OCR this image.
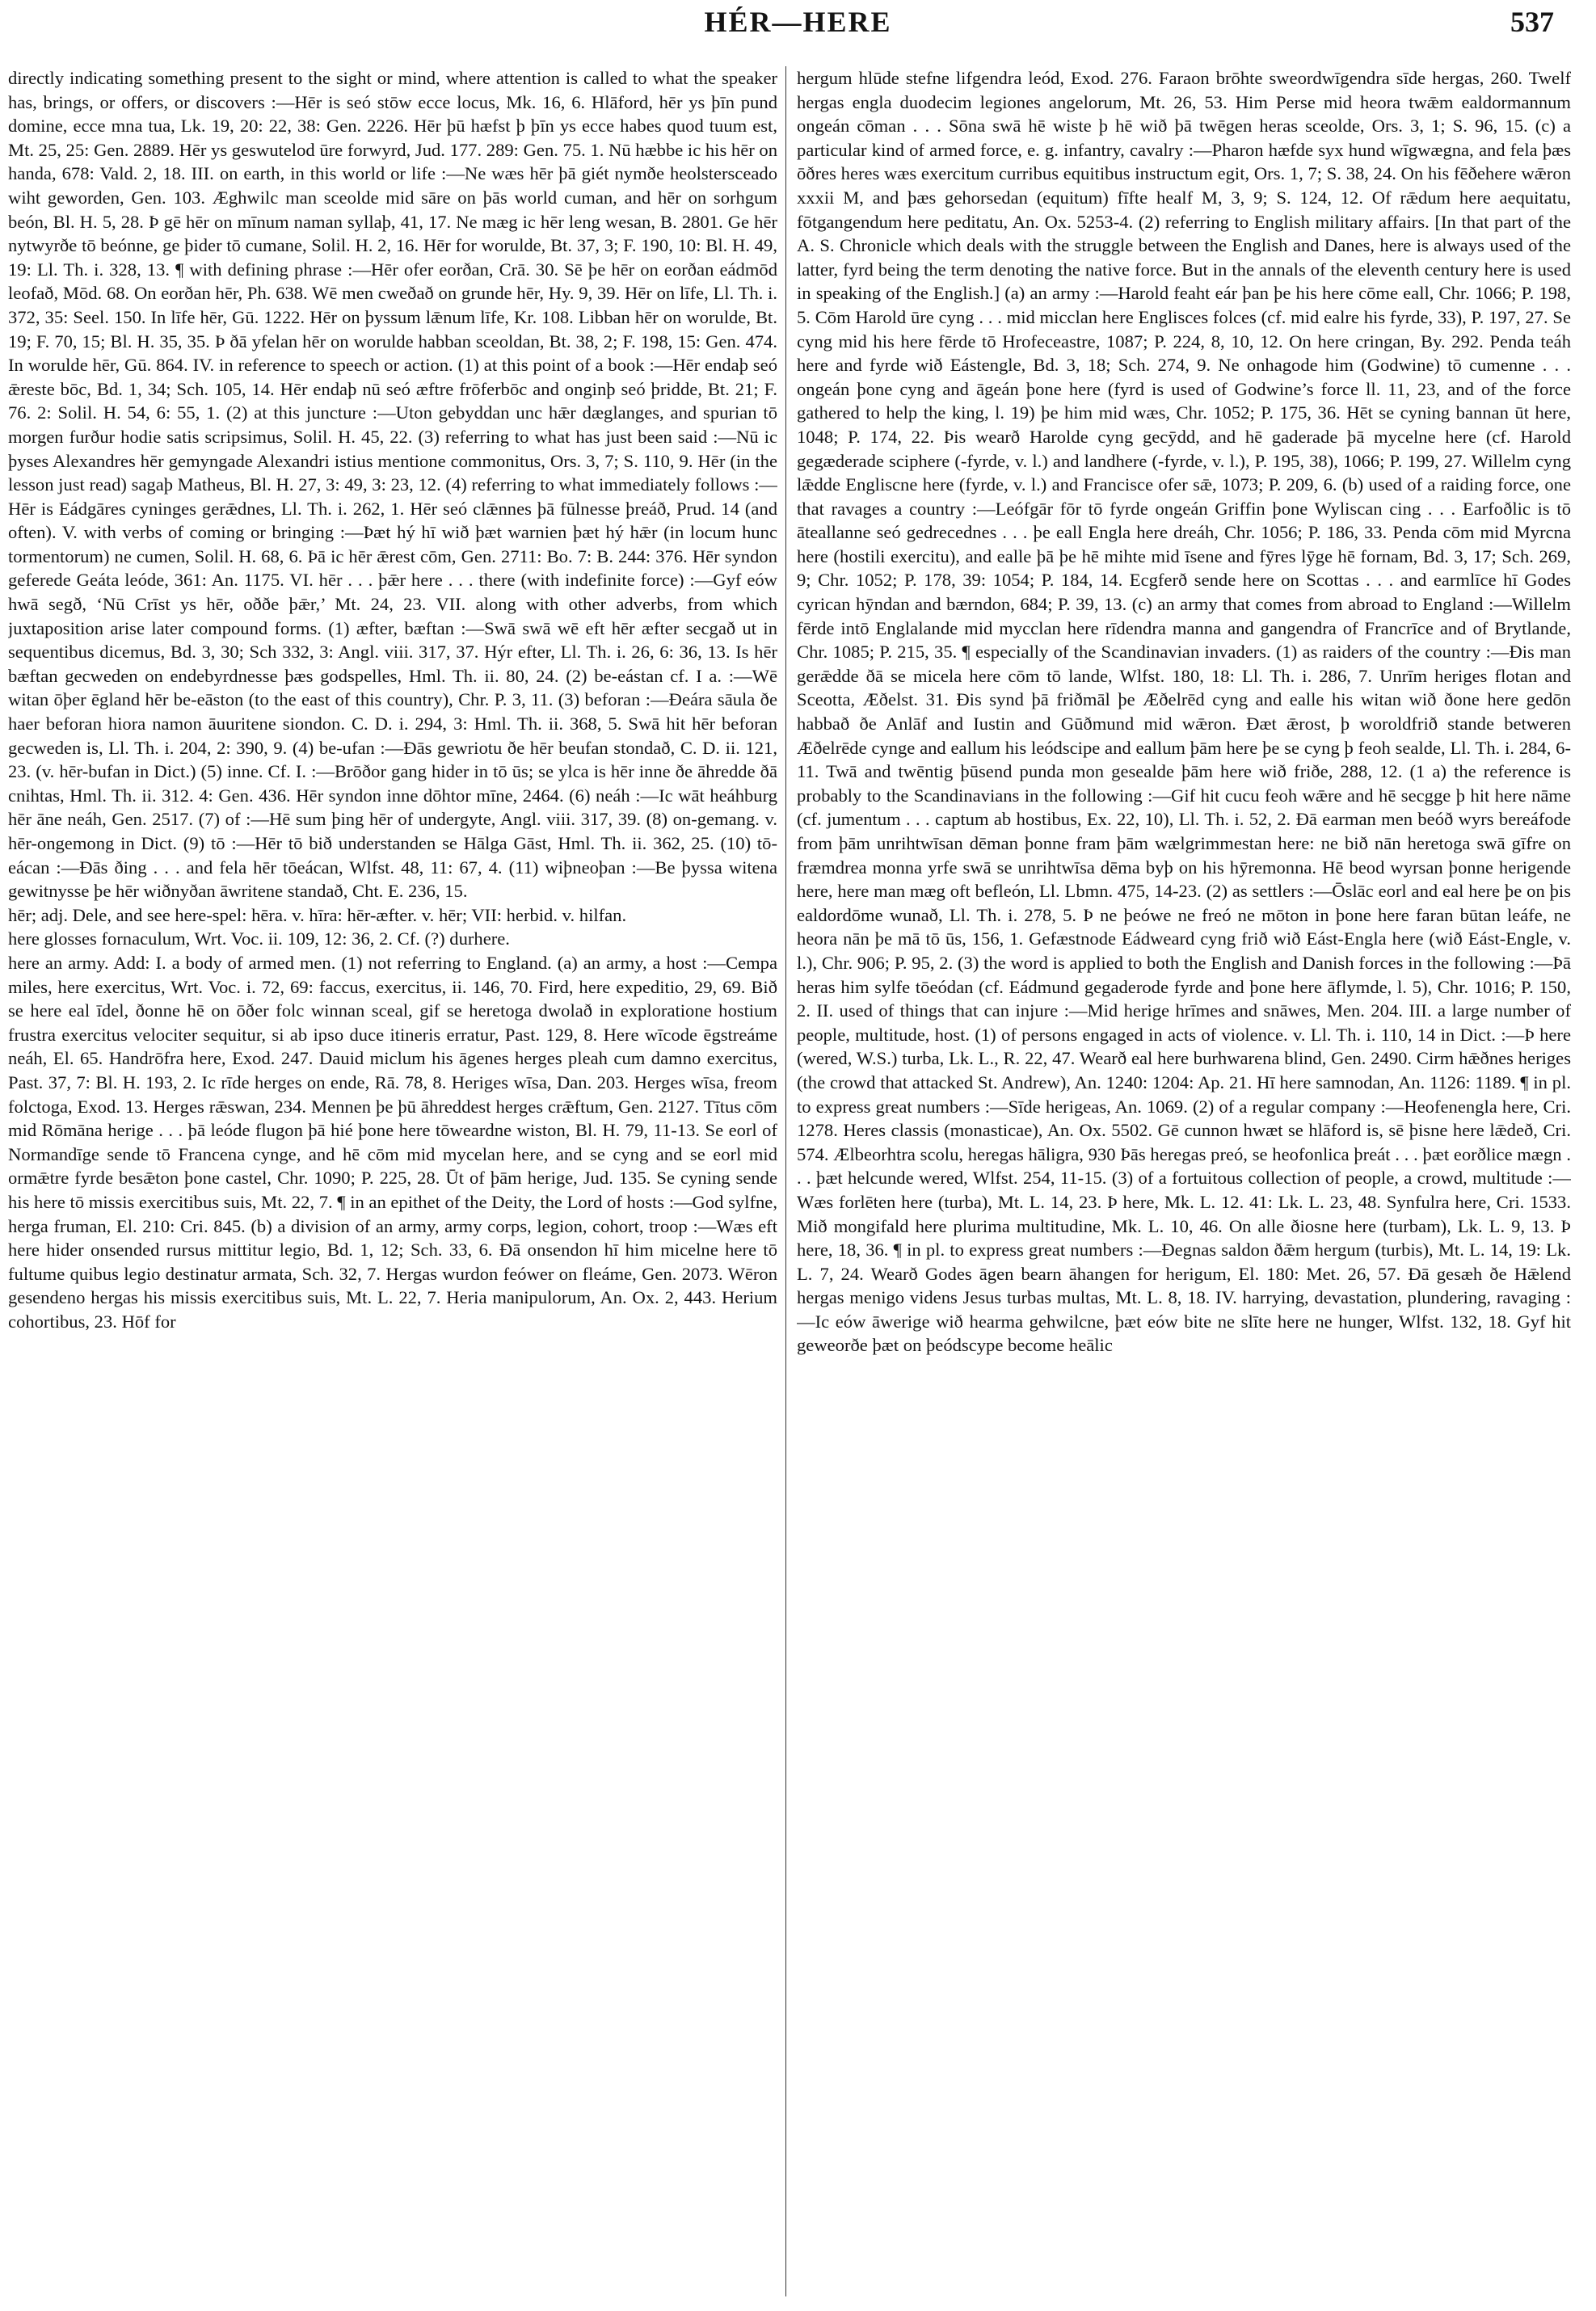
HÉR—HERE	537

directly indicating something present to the sight or mind, where attention is called to what the speaker has, brings, or offers, or discovers :—Hēr is seó stōw ecce locus, Mk. 16, 6. Hlāford, hēr ys þīn pund domine, ecce mna tua, Lk. 19, 20: 22, 38: Gen. 2226. Hēr þū hæfst þ þīn ys ecce habes quod tuum est, Mt. 25, 25: Gen. 2889. Hēr ys geswutelod ūre forwyrd, Jud. 177. 289: Gen. 75. 1. Nū hæbbe ic his hēr on handa, 678: Vald. 2, 18. III. on earth, in this world or life :—Ne wæs hēr þā giét nymðe heolstersceado wiht geworden, Gen. 103. Æghwilc man sceolde mid sāre on þās world cuman, and hēr on sorhgum beón, Bl. H. 5, 28. Þ gē hēr on mīnum naman syllaþ, 41, 17. Ne mæg ic hēr leng wesan, B. 2801. Ge hēr nytwyrðe tō beónne, ge þider tō cumane, Solil. H. 2, 16. Hēr for worulde, Bt. 37, 3; F. 190, 10: Bl. H. 49, 19: Ll. Th. i. 328, 13. ¶ with defining phrase :—Hēr ofer eorðan, Crā. 30. Sē þe hēr on eorðan eádmōd leofað, Mōd. 68. On eorðan hēr, Ph. 638. Wē men cweðað on grunde hēr, Hy. 9, 39. Hēr on līfe, Ll. Th. i. 372, 35: Seel. 150. In līfe hēr, Gū. 1222. Hēr on þyssum lǣnum līfe, Kr. 108. Libban hēr on worulde, Bt. 19; F. 70, 15; Bl. H. 35, 35. Þ ðā yfelan hēr on worulde habban sceoldan, Bt. 38, 2; F. 198, 15: Gen. 474. In worulde hēr, Gū. 864. IV. in reference to speech or action. (1) at this point of a book :—Hēr endaþ seó ǣreste bōc, Bd. 1, 34; Sch. 105, 14. Hēr endaþ nū seó æftre frōferbōc and onginþ seó þridde, Bt. 21; F. 76. 2: Solil. H. 54, 6: 55, 1. (2) at this juncture :—Uton gebyddan unc hǣr dæglanges, and spurian tō morgen furður hodie satis scripsimus, Solil. H. 45, 22. (3) referring to what has just been said :—Nū ic þyses Alexandres hēr gemyngade Alexandri istius mentione commonitus, Ors. 3, 7; S. 110, 9. Hēr (in the lesson just read) sagaþ Matheus, Bl. H. 27, 3: 49, 3: 23, 12. (4) referring to what immediately follows :—Hēr is Eádgāres cyninges gerǣdnes, Ll. Th. i. 262, 1. Hēr seó clǣnnes þā fūlnesse þreáð, Prud. 14 (and often). V. with verbs of coming or bringing :—Þæt hý hī wið þæt warnien þæt hý hǣr (in locum hunc tormentorum) ne cumen, Solil. H. 68, 6. Þā ic hēr ǣrest cōm, Gen. 2711: Bo. 7: B. 244: 376. Hēr syndon geferede Geáta leóde, 361: An. 1175. VI. hēr . . . þǣr here . . . there (with indefinite force) :—Gyf eów hwā segð, ‘Nū Crīst ys hēr, oððe þǣr,’ Mt. 24, 23. VII. along with other adverbs, from which juxtaposition arise later compound forms. (1) æfter, bæftan :—Swā swā wē eft hēr æfter secgað ut in sequentibus dicemus, Bd. 3, 30; Sch 332, 3: Angl. viii. 317, 37. Hýr efter, Ll. Th. i. 26, 6: 36, 13. Is hēr bæftan gecweden on endebyrdnesse þæs godspelles, Hml. Th. ii. 80, 24. (2) be-eástan cf. I a. :—Wē witan ōþer ēgland hēr be-eāston (to the east of this country), Chr. P. 3, 11. (3) beforan :—Ðeára sāula ðe haer beforan hiora namon āuuritene siondon. C. D. i. 294, 3: Hml. Th. ii. 368, 5. Swā hit hēr beforan gecweden is, Ll. Th. i. 204, 2: 390, 9. (4) be-ufan :—Ðās gewriotu ðe hēr beufan stondað, C. D. ii. 121, 23. (v. hēr-bufan in Dict.) (5) inne. Cf. I. :—Brōðor gang hider in tō ūs; se ylca is hēr inne ðe āhredde ðā cnihtas, Hml. Th. ii. 312. 4: Gen. 436. Hēr syndon inne dōhtor mīne, 2464. (6) neáh :—Ic wāt heáhburg hēr āne neáh, Gen. 2517. (7) of :—Hē sum þing hēr of undergyte, Angl. viii. 317, 39. (8) on-gemang. v. hēr-ongemong in Dict. (9) tō :—Hēr tō bið understanden se Hālga Gāst, Hml. Th. ii. 362, 25. (10) tō-eácan :—Ðās ðing . . . and fela hēr tōeácan, Wlfst. 48, 11: 67, 4. (11) wiþneoþan :—Be þyssa witena gewitnysse þe hēr wiðnyðan āwritene standað, Cht. E. 236, 15.

hēr; adj. Dele, and see here-spel: hēra. v. hīra: hēr-æfter. v. hēr; VII: herbid. v. hilfan.

here glosses fornaculum, Wrt. Voc. ii. 109, 12: 36, 2. Cf. (?) durhere.

here an army. Add: I. a body of armed men. (1) not referring to England. (a) an army, a host :—Cempa miles, here exercitus, Wrt. Voc. i. 72, 69: faccus, exercitus, ii. 146, 70. Fird, here expeditio, 29, 69. Bið se here eal īdel, ðonne hē on ōðer folc winnan sceal, gif se heretoga dwolað in exploratione hostium frustra exercitus velociter sequitur, si ab ipso duce itineris erratur, Past. 129, 8. Here wīcode ēgstreáme neáh, El. 65. Handrōfra here, Exod. 247. Dauid miclum his āgenes herges pleah cum damno exercitus, Past. 37, 7: Bl. H. 193, 2. Ic rīde herges on ende, Rā. 78, 8. Heriges wīsa, Dan. 203. Herges wīsa, freom folctoga, Exod. 13. Herges rǣswan, 234. Mennen þe þū āhreddest herges crǣftum, Gen. 2127. Tītus cōm mid Rōmāna herige . . . þā leóde flugon þā hié þone here tōweardne wiston, Bl. H. 79, 11-13. Se eorl of Normandīge sende tō Francena cynge, and hē cōm mid mycelan here, and se cyng and se eorl mid ormǣtre fyrde besǣton þone castel, Chr. 1090; P. 225, 28. Ūt of þām herige, Jud. 135. Se cyning sende his here tō missis exercitibus suis, Mt. 22, 7. ¶ in an epithet of the Deity, the Lord of hosts :—God sylfne, herga fruman, El. 210: Cri. 845. (b) a division of an army, army corps, legion, cohort, troop :—Wæs eft here hider onsended rursus mittitur legio, Bd. 1, 12; Sch. 33, 6. Ðā onsendon hī him micelne here tō fultume quibus legio destinatur armata, Sch. 32, 7. Hergas wurdon feówer on fleáme, Gen. 2073. Wēron gesendeno hergas his missis exercitibus suis, Mt. L. 22, 7. Heria manipulorum, An. Ox. 2, 443. Herium cohortibus, 23. Hōf for

hergum hlūde stefne lifgendra leód, Exod. 276. Faraon brōhte sweordwīgendra sīde hergas, 260. Twelf hergas engla duodecim legiones angelorum, Mt. 26, 53. Him Perse mid heora twǣm ealdormannum ongeán cōman . . . Sōna swā hē wiste þ hē wið þā twēgen heras sceolde, Ors. 3, 1; S. 96, 15. (c) a particular kind of armed force, e. g. infantry, cavalry :—Pharon hæfde syx hund wīgwægna, and fela þæs ōðres heres wæs exercitum curribus equitibus instructum egit, Ors. 1, 7; S. 38, 24. On his fēðehere wǣron xxxii M, and þæs gehorsedan (equitum) fīfte healf M, 3, 9; S. 124, 12. Of rǣdum here aequitatu, fōtgangendum here peditatu, An. Ox. 5253-4. (2) referring to English military affairs. [In that part of the A. S. Chronicle which deals with the struggle between the English and Danes, here is always used of the latter, fyrd being the term denoting the native force. But in the annals of the eleventh century here is used in speaking of the English.] (a) an army :—Harold feaht eár þan þe his here cōme eall, Chr. 1066; P. 198, 5. Cōm Harold ūre cyng . . . mid micclan here Englisces folces (cf. mid ealre his fyrde, 33), P. 197, 27. Se cyng mid his here fērde tō Hrofeceastre, 1087; P. 224, 8, 10, 12. On here cringan, By. 292. Penda teáh here and fyrde wið Eástengle, Bd. 3, 18; Sch. 274, 9. Ne onhagode him (Godwine) tō cumenne . . . ongeán þone cyng and āgeán þone here (fyrd is used of Godwine’s force ll. 11, 23, and of the force gathered to help the king, l. 19) þe him mid wæs, Chr. 1052; P. 175, 36. Hēt se cyning bannan ūt here, 1048; P. 174, 22. Þis wearð Harolde cyng gecȳdd, and hē gaderade þā mycelne here (cf. Harold gegæderade sciphere (-fyrde, v. l.) and landhere (-fyrde, v. l.), P. 195, 38), 1066; P. 199, 27. Willelm cyng lǣdde Engliscne here (fyrde, v. l.) and Francisce ofer sǣ, 1073; P. 209, 6. (b) used of a raiding force, one that ravages a country :—Leófgār fōr tō fyrde ongeán Griffin þone Wyliscan cing . . . Earfoðlic is tō āteallanne seó gedrecednes . . . þe eall Engla here dreáh, Chr. 1056; P. 186, 33. Penda cōm mid Myrcna here (hostili exercitu), and ealle þā þe hē mihte mid īsene and fȳres lȳge hē fornam, Bd. 3, 17; Sch. 269, 9; Chr. 1052; P. 178, 39: 1054; P. 184, 14. Ecgferð sende here on Scottas . . . and earmlīce hī Godes cyrican hȳndan and bærndon, 684; P. 39, 13. (c) an army that comes from abroad to England :—Willelm fērde intō Englalande mid mycclan here rīdendra manna and gangendra of Francrīce and of Brytlande, Chr. 1085; P. 215, 35. ¶ especially of the Scandinavian invaders. (1) as raiders of the country :—Ðis man gerǣdde ðā se micela here cōm tō lande, Wlfst. 180, 18: Ll. Th. i. 286, 7. Unrīm heriges flotan and Sceotta, Æðelst. 31. Ðis synd þā friðmāl þe Æðelrēd cyng and ealle his witan wið ðone here gedōn habbað ðe Anlāf and Iustin and Gūðmund mid wǣron. Ðæt ǣrost, þ woroldfrið stande betweren Æðelrēde cynge and eallum his leódscipe and eallum þām here þe se cyng þ feoh sealde, Ll. Th. i. 284, 6-11. Twā and twēntig þūsend punda mon gesealde þām here wið friðe, 288, 12. (1 a) the reference is probably to the Scandinavians in the following :—Gif hit cucu feoh wǣre and hē secgge þ hit here nāme (cf. jumentum . . . captum ab hostibus, Ex. 22, 10), Ll. Th. i. 52, 2. Ðā earman men beóð wyrs bereáfode from þām unrihtwīsan dēman þonne fram þām wælgrimmestan here: ne bið nān heretoga swā gīfre on fræmdrea monna yrfe swā se unrihtwīsa dēma byþ on his hȳremonna. Hē beod wyrsan þonne herigende here, here man mæg oft befleón, Ll. Lbmn. 475, 14-23. (2) as settlers :—Ōslāc eorl and eal here þe on þis ealdordōme wunað, Ll. Th. i. 278, 5. Þ ne þeówe ne freó ne mōton in þone here faran būtan leáfe, ne heora nān þe mā tō ūs, 156, 1. Gefæstnode Eádweard cyng frið wið Eást-Engla here (wið Eást-Engle, v. l.), Chr. 906; P. 95, 2. (3) the word is applied to both the English and Danish forces in the following :—Þā heras him sylfe tōeódan (cf. Eádmund gegaderode fyrde and þone here āflymde, l. 5), Chr. 1016; P. 150, 2. II. used of things that can injure :—Mid herige hrīmes and snāwes, Men. 204. III. a large number of people, multitude, host. (1) of persons engaged in acts of violence. v. Ll. Th. i. 110, 14 in Dict. :—Þ here (wered, W.S.) turba, Lk. L., R. 22, 47. Wearð eal here burhwarena blind, Gen. 2490. Cirm hǣðnes heriges (the crowd that attacked St. Andrew), An. 1240: 1204: Ap. 21. Hī here samnodan, An. 1126: 1189. ¶ in pl. to express great numbers :—Sīde herigeas, An. 1069. (2) of a regular company :—Heofenengla here, Cri. 1278. Heres classis (monasticae), An. Ox. 5502. Gē cunnon hwæt se hlāford is, sē þisne here lǣdeð, Cri. 574. Ælbeorhtra scolu, heregas hāligra, 930 Þās heregas preó, se heofonlica þreát . . . þæt eorðlice mægn . . . þæt helcunde wered, Wlfst. 254, 11-15. (3) of a fortuitous collection of people, a crowd, multitude :—Wæs forlēten here (turba), Mt. L. 14, 23. Þ here, Mk. L. 12. 41: Lk. L. 23, 48. Synfulra here, Cri. 1533. Mið mongifald here plurima multitudine, Mk. L. 10, 46. On alle ðiosne here (turbam), Lk. L. 9, 13. Þ here, 18, 36. ¶ in pl. to express great numbers :—Ðegnas saldon ðǣm hergum (turbis), Mt. L. 14, 19: Lk. L. 7, 24. Wearð Godes āgen bearn āhangen for herigum, El. 180: Met. 26, 57. Ðā gesæh ðe Hǣlend hergas menigo videns Jesus turbas multas, Mt. L. 8, 18. IV. harrying, devastation, plundering, ravaging :—Ic eów āwerige wið hearma gehwilcne, þæt eów bite ne slīte here ne hunger, Wlfst. 132, 18. Gyf hit geweorðe þæt on þeódscype become heālic
